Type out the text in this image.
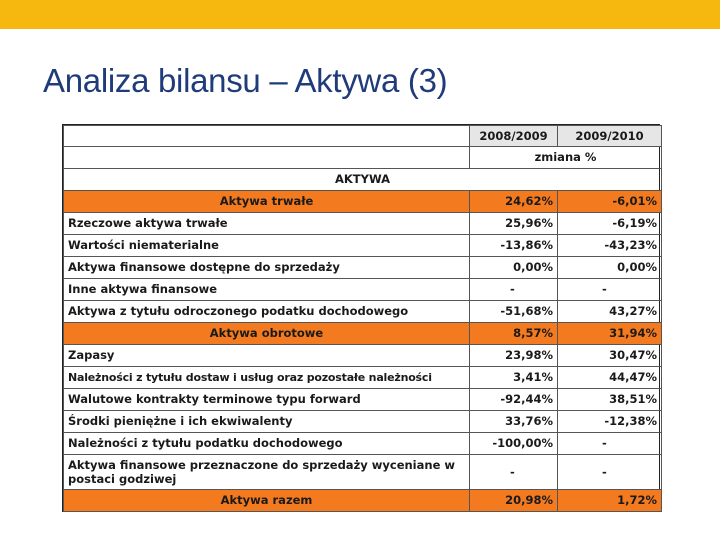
Analiza bilansu – Aktywa (3)
	2008/2009	2009/2010
	zmiana %	
AKTYWA		
Aktywa trwałe	24,62%	-6,01%
Rzeczowe aktywa trwałe	25,96%	-6,19%
Wartości niematerialne	-13,86%	-43,23%
Aktywa finansowe dostępne do sprzedaży	0,00%	0,00%
Inne aktywa finansowe	-	-
Aktywa z tytułu odroczonego podatku dochodowego	-51,68%	43,27%
Aktywa obrotowe	8,57%	31,94%
Zapasy	23,98%	30,47%
Należności z tytułu dostaw i usług oraz pozostałe należności	3,41%	44,47%
Walutowe kontrakty terminowe typu forward	-92,44%	38,51%
Środki pieniężne i ich ekwiwalenty	33,76%	-12,38%
Należności z tytułu podatku dochodowego	-100,00%	-
Aktywa finansowe przeznaczone do sprzedaży wyceniane w postaci godziwej	-	-
Aktywa razem	20,98%	1,72%
